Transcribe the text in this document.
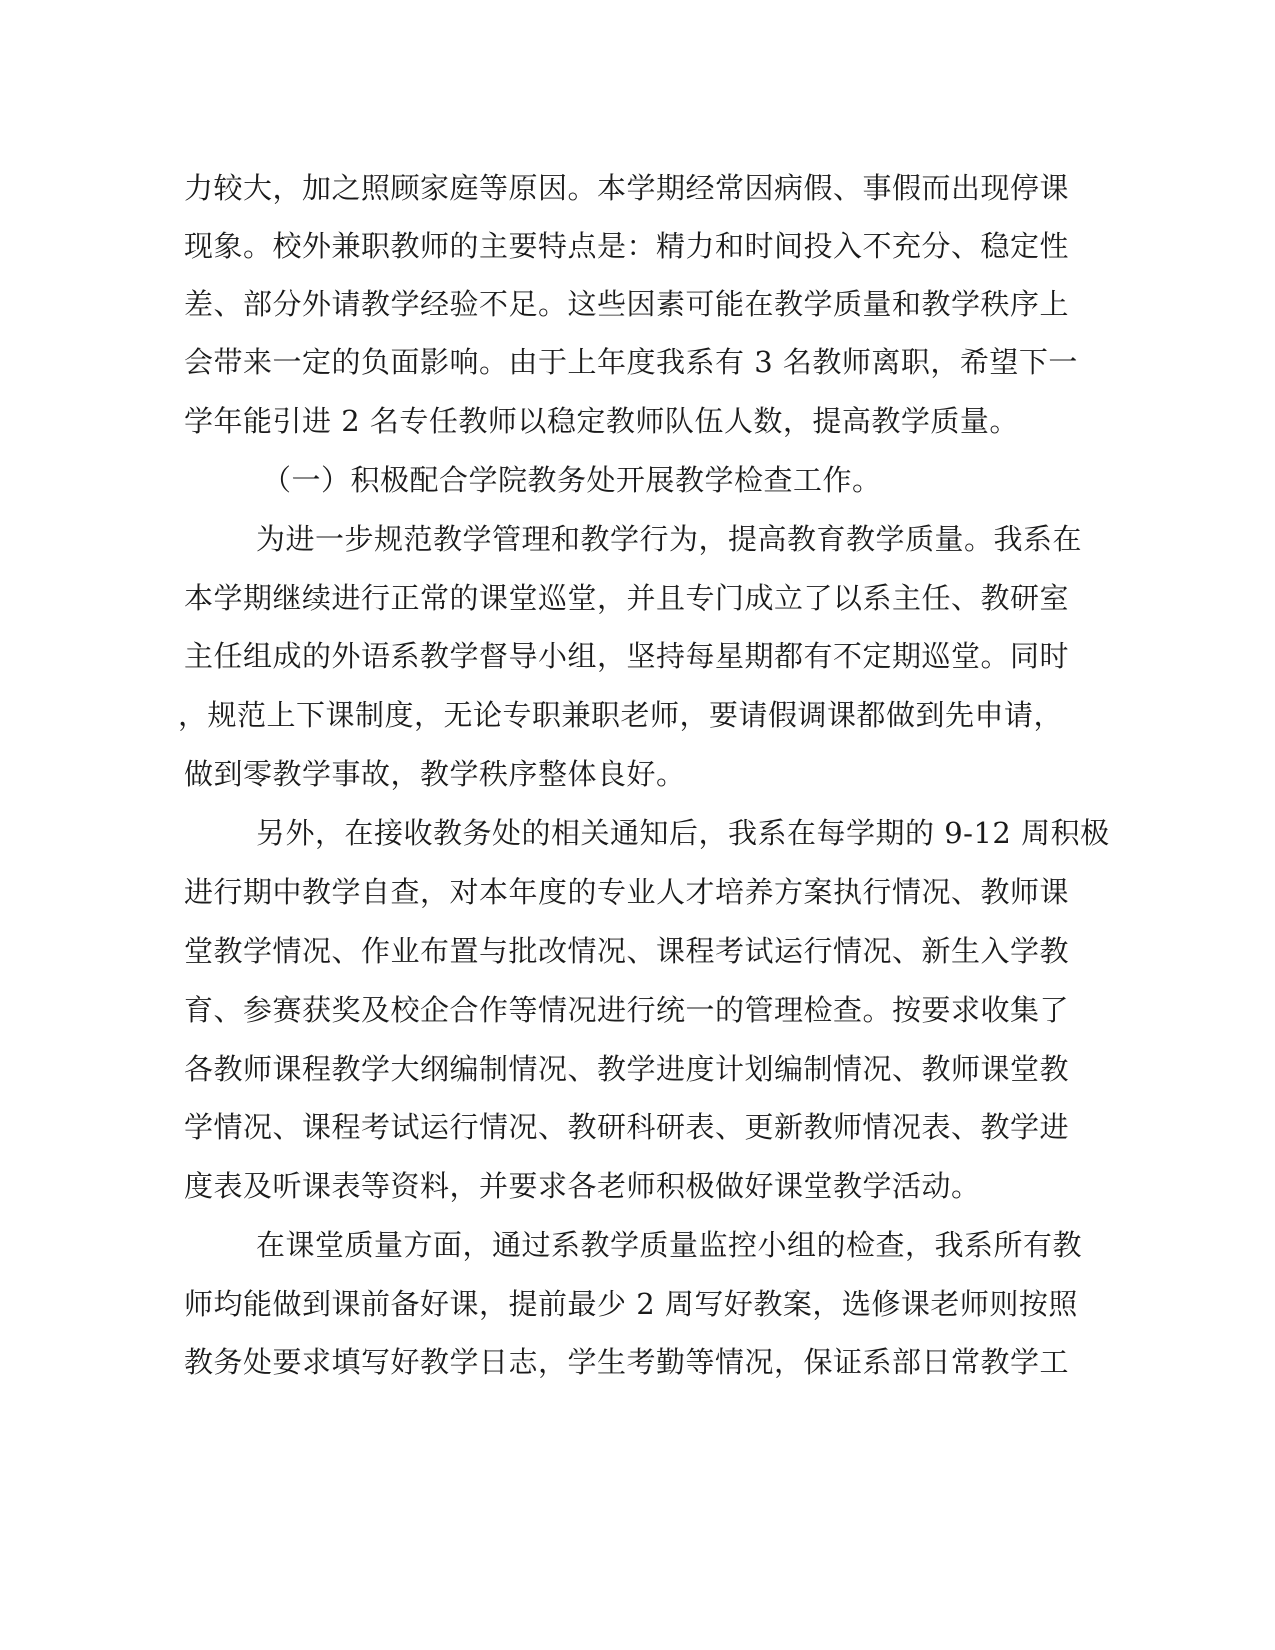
力较大，加之照顾家庭等原因。本学期经常因病假、事假而出现停课

现象。校外兼职教师的主要特点是：精力和时间投入不充分、稳定性

差、部分外请教学经验不足。这些因素可能在教学质量和教学秩序上

会带来一定的负面影响。由于上年度我系有 3 名教师离职，希望下一

学年能引进 2 名专任教师以稳定教师队伍人数，提高教学质量。

（一）积极配合学院教务处开展教学检查工作。

为进一步规范教学管理和教学行为，提高教育教学质量。我系在

本学期继续进行正常的课堂巡堂，并且专门成立了以系主任、教研室

主任组成的外语系教学督导小组，坚持每星期都有不定期巡堂。同时

，规范上下课制度，无论专职兼职老师，要请假调课都做到先申请，

做到零教学事故，教学秩序整体良好。

另外，在接收教务处的相关通知后，我系在每学期的 9-12 周积极

进行期中教学自查，对本年度的专业人才培养方案执行情况、教师课

堂教学情况、作业布置与批改情况、课程考试运行情况、新生入学教

育、参赛获奖及校企合作等情况进行统一的管理检查。按要求收集了

各教师课程教学大纲编制情况、教学进度计划编制情况、教师课堂教

学情况、课程考试运行情况、教研科研表、更新教师情况表、教学进

度表及听课表等资料，并要求各老师积极做好课堂教学活动。

在课堂质量方面，通过系教学质量监控小组的检查，我系所有教

师均能做到课前备好课，提前最少 2 周写好教案，选修课老师则按照

教务处要求填写好教学日志，学生考勤等情况，保证系部日常教学工
